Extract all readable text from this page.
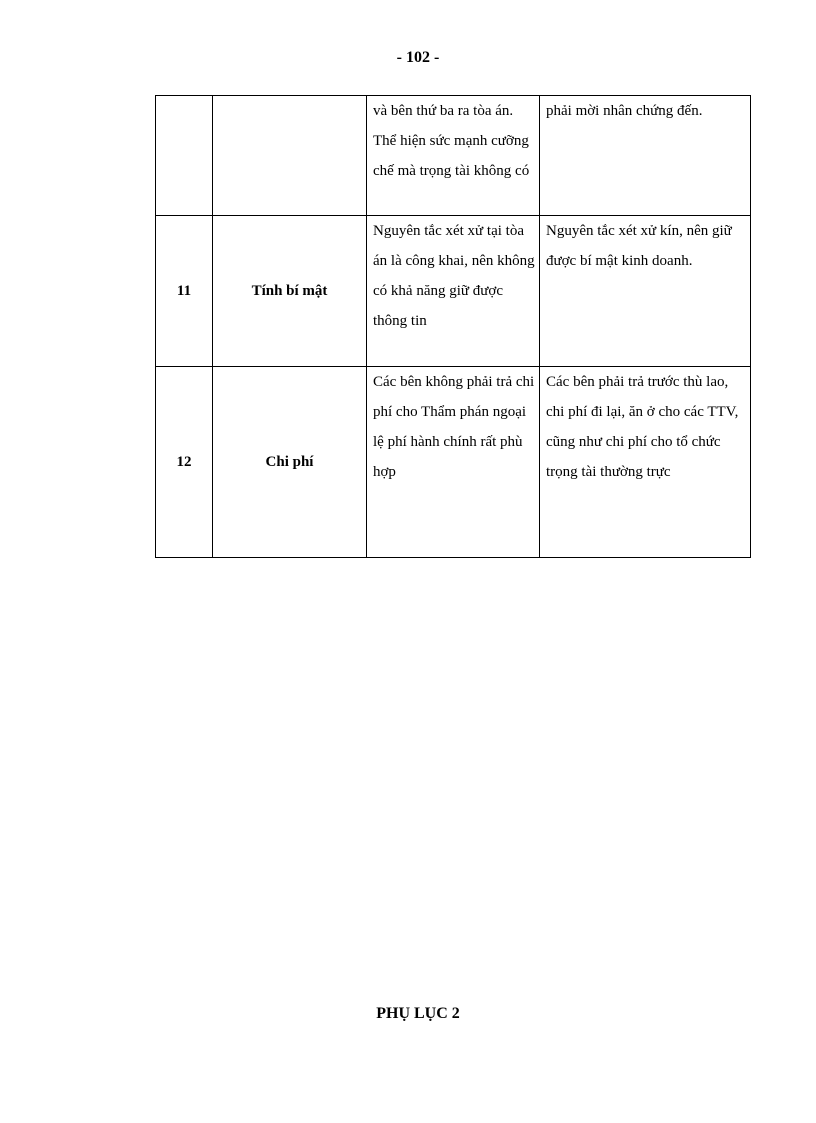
- 102 -
		và bên thứ ba ra tòa án. Thể hiện sức mạnh cưỡng chế mà trọng tài không có	phải mời nhân chứng đến.
11	Tính bí mật	Nguyên tắc xét xử tại tòa án là công khai, nên không có khả năng giữ được thông tin	Nguyên tắc xét xử kín, nên giữ được bí mật kinh doanh.
12	Chi phí	Các bên không phải trả chi phí cho Thẩm phán ngoại lệ phí hành chính rất phù hợp	Các bên phải trả trước thù lao, chi phí đi lại, ăn ở cho các TTV, cũng như chi phí cho tổ chức trọng tài thường trực
PHỤ LỤC 2
